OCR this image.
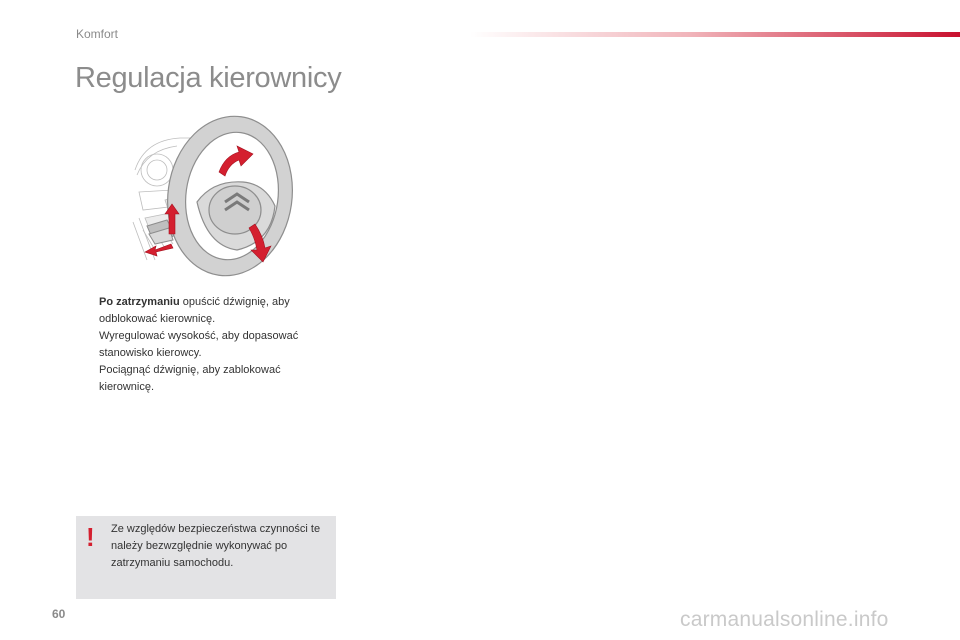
Komfort
Regulacja kierownicy
Po zatrzymaniu opuścić dźwignię, aby odblokować kierownicę.
Wyregulować wysokość, aby dopasować stanowisko kierowcy.
Pociągnąć dźwignię, aby zablokować kierownicę.
! Ze względów bezpieczeństwa czynności te należy bezwzględnie wykonywać po zatrzymaniu samochodu.
60	carmanualsonline.info
